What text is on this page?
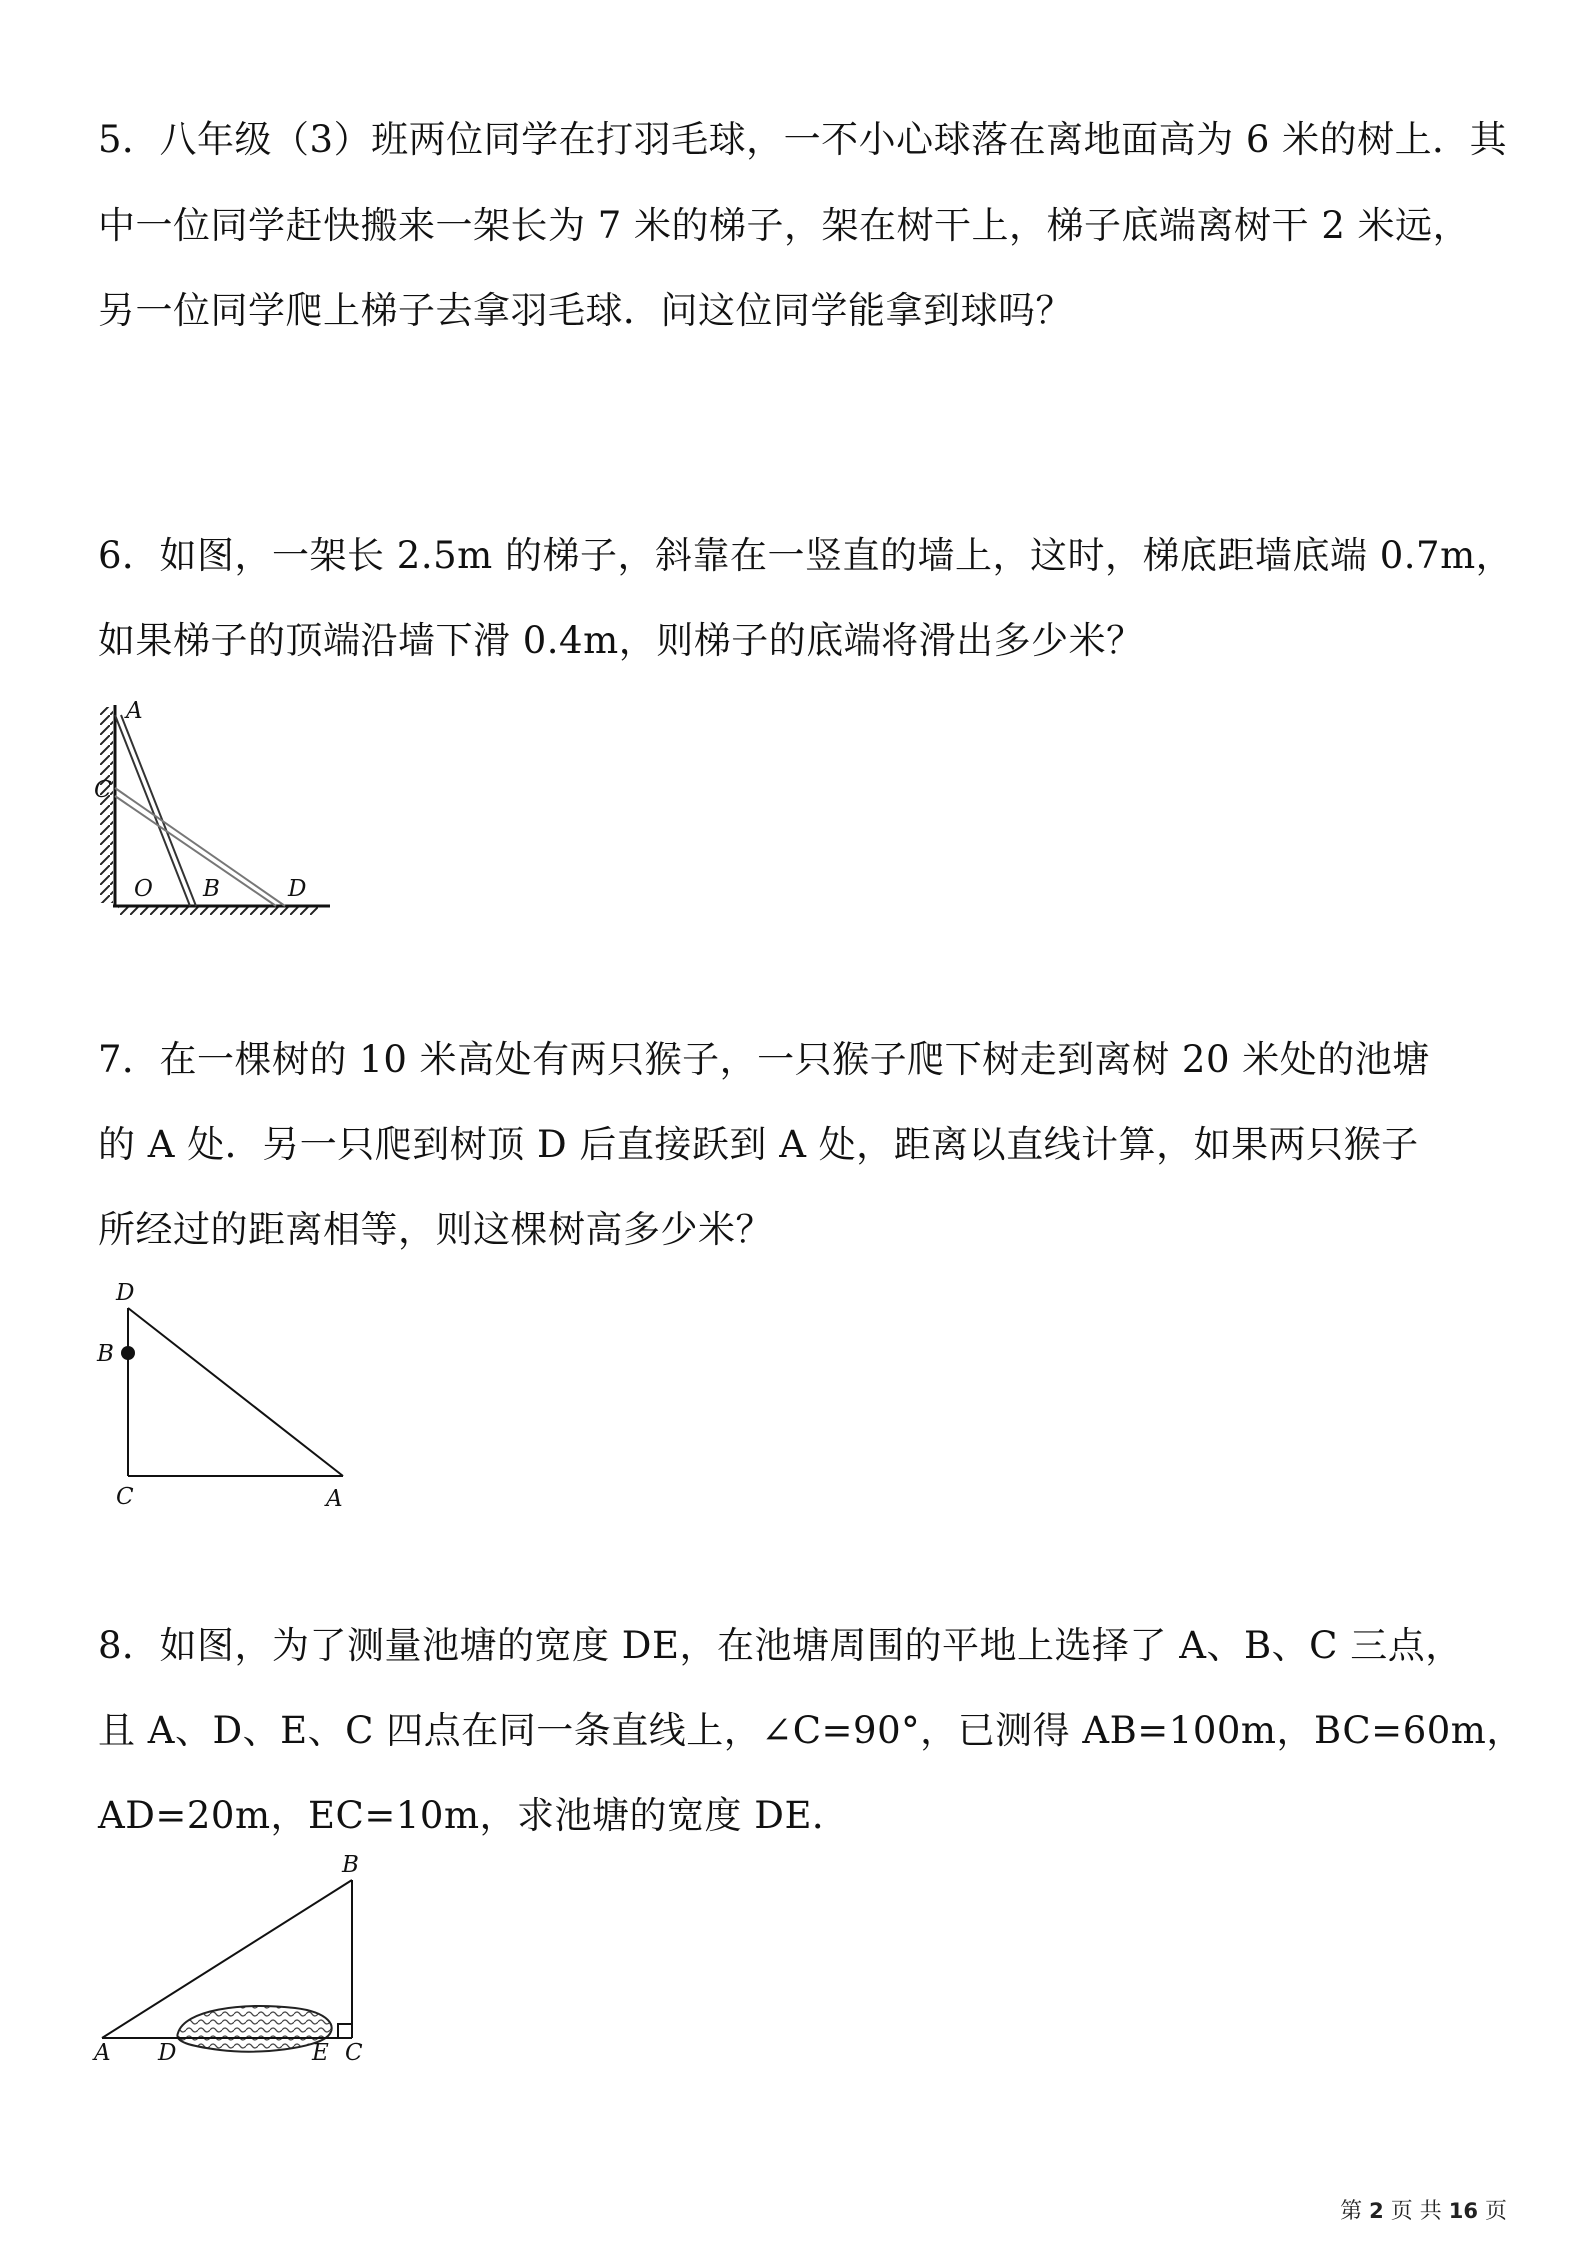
5．八年级（3）班两位同学在打羽毛球，一不小心球落在离地面高为 6 米的树上．其
中一位同学赶快搬来一架长为 7 米的梯子，架在树干上，梯子底端离树干 2 米远，
另一位同学爬上梯子去拿羽毛球．问这位同学能拿到球吗？
6．如图，一架长 2.5m 的梯子，斜靠在一竖直的墙上，这时，梯底距墙底端 0.7m，
如果梯子的顶端沿墙下滑 0.4m，则梯子的底端将滑出多少米？
A
C
O B	D
7．在一棵树的 10 米高处有两只猴子，一只猴子爬下树走到离树 20 米处的池塘
的 A 处．另一只爬到树顶 D 后直接跃到 A 处，距离以直线计算，如果两只猴子
所经过的距离相等，则这棵树高多少米？
D
B
C	A
8．如图，为了测量池塘的宽度 DE，在池塘周围的平地上选择了 A、B、C 三点，
且 A、D、E、C 四点在同一条直线上，∠C=90°，已测得 AB=100m，BC=60m，
AD=20m，EC=10m，求池塘的宽度 DE．
B
A D	E C
第 2 页 共 16 页
